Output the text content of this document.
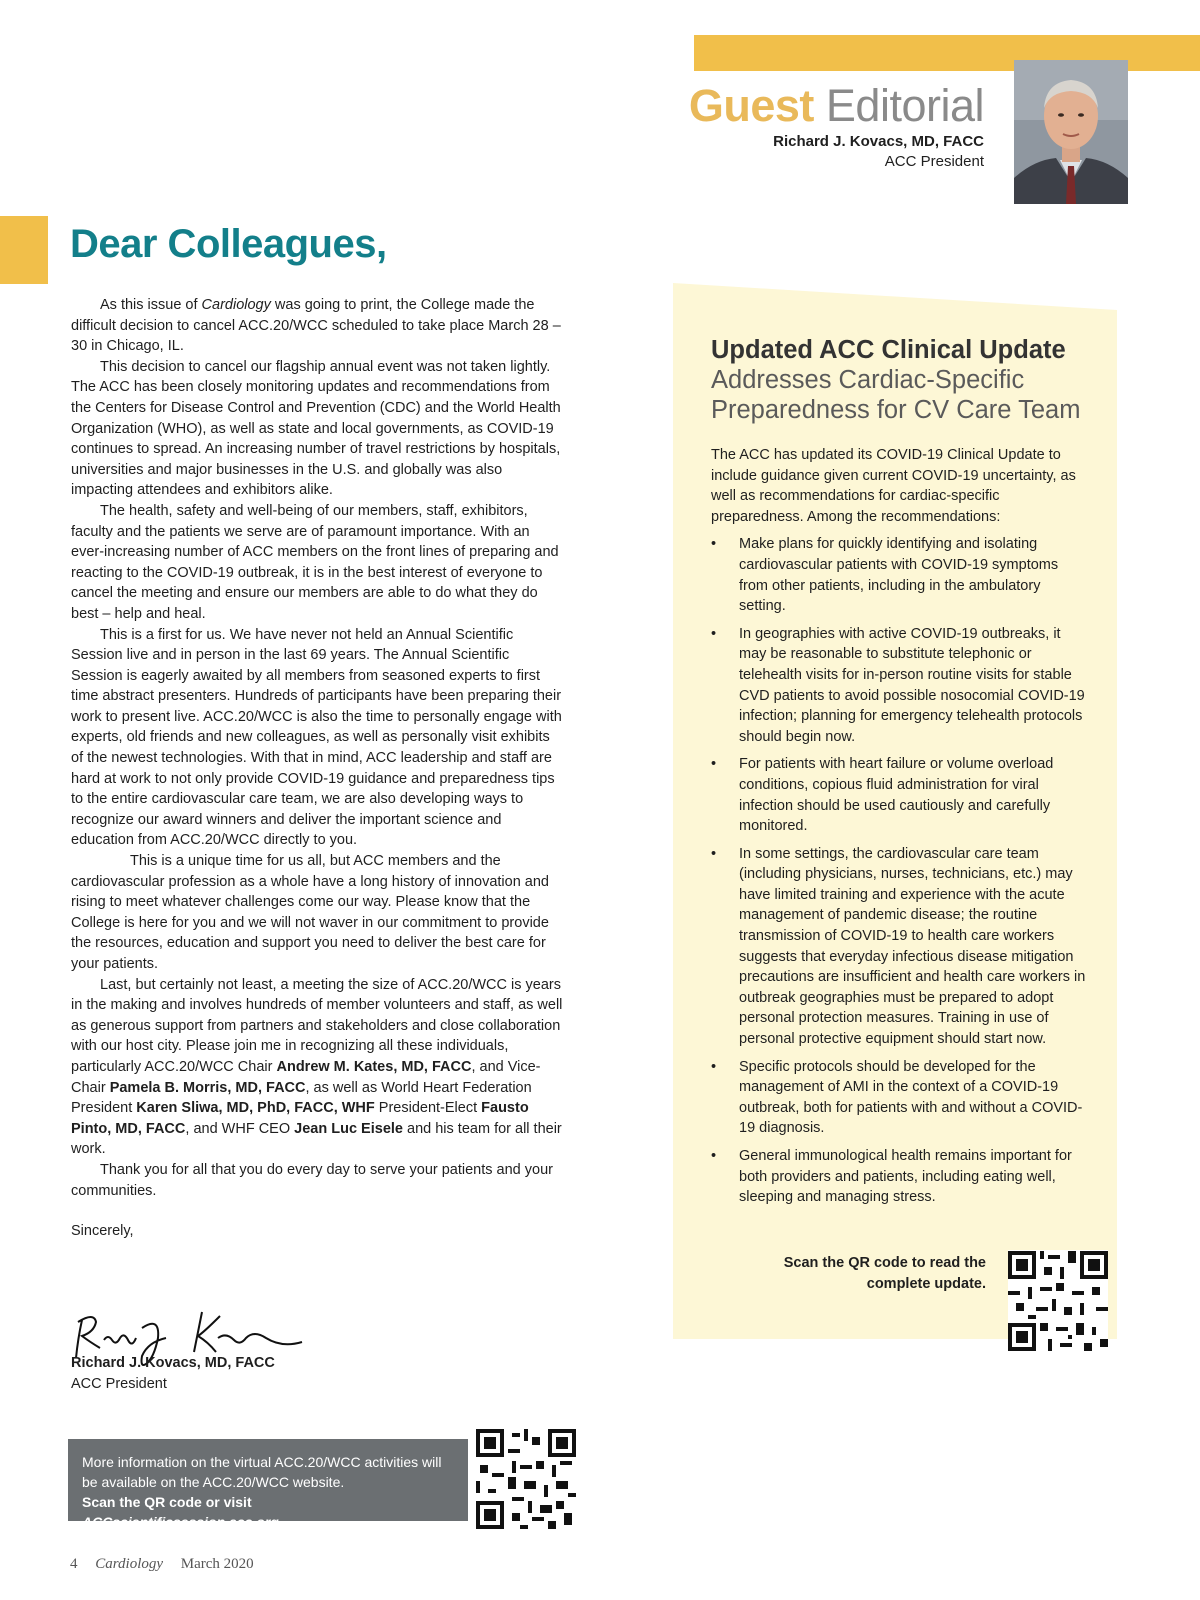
Guest Editorial
Richard J. Kovacs, MD, FACC
ACC President
Dear Colleagues,

As this issue of Cardiology was going to print, the College made the difficult decision to cancel ACC.20/WCC scheduled to take place March 28 – 30 in Chicago, IL.

This decision to cancel our flagship annual event was not taken lightly. The ACC has been closely monitoring updates and recommendations from the Centers for Disease Control and Prevention (CDC) and the World Health Organization (WHO), as well as state and local governments, as COVID-19 continues to spread. An increasing number of travel restrictions by hospitals, universities and major businesses in the U.S. and globally was also impacting attendees and exhibitors alike.

The health, safety and well-being of our members, staff, exhibitors, faculty and the patients we serve are of paramount importance. With an ever-increasing number of ACC members on the front lines of preparing and reacting to the COVID-19 outbreak, it is in the best interest of everyone to cancel the meeting and ensure our members are able to do what they do best – help and heal.

This is a first for us. We have never not held an Annual Scientific Session live and in person in the last 69 years. The Annual Scientific Session is eagerly awaited by all members from seasoned experts to first time abstract presenters. Hundreds of participants have been preparing their work to present live. ACC.20/WCC is also the time to personally engage with experts, old friends and new colleagues, as well as personally visit exhibits of the newest technologies. With that in mind, ACC leadership and staff are hard at work to not only provide COVID-19 guidance and preparedness tips to the entire cardiovascular care team, we are also developing ways to recognize our award winners and deliver the important science and education from ACC.20/WCC directly to you.

This is a unique time for us all, but ACC members and the cardiovascular profession as a whole have a long history of innovation and rising to meet whatever challenges come our way. Please know that the College is here for you and we will not waver in our commitment to provide the resources, education and support you need to deliver the best care for your patients.

Last, but certainly not least, a meeting the size of ACC.20/WCC is years in the making and involves hundreds of member volunteers and staff, as well as generous support from partners and stakeholders and close collaboration with our host city. Please join me in recognizing all these individuals, particularly ACC.20/WCC Chair Andrew M. Kates, MD, FACC, and Vice-Chair Pamela B. Morris, MD, FACC, as well as World Heart Federation President Karen Sliwa, MD, PhD, FACC, WHF President-Elect Fausto Pinto, MD, FACC, and WHF CEO Jean Luc Eisele and his team for all their work.

Thank you for all that you do every day to serve your patients and your communities.

Sincerely,

Richard J. Kovacs, MD, FACC
ACC President
More information on the virtual ACC.20/WCC activities will be available on the ACC.20/WCC website.
Scan the QR code or visit ACCscientificsession.acc.org.
4 Cardiology March 2020
Updated ACC Clinical Update
Addresses Cardiac-Specific Preparedness for CV Care Team

The ACC has updated its COVID-19 Clinical Update to include guidance given current COVID-19 uncertainty, as well as recommendations for cardiac-specific preparedness. Among the recommendations:

• Make plans for quickly identifying and isolating cardiovascular patients with COVID-19 symptoms from other patients, including in the ambulatory setting.
• In geographies with active COVID-19 outbreaks, it may be reasonable to substitute telephonic or telehealth visits for in-person routine visits for stable CVD patients to avoid possible nosocomial COVID-19 infection; planning for emergency telehealth protocols should begin now.
• For patients with heart failure or volume overload conditions, copious fluid administration for viral infection should be used cautiously and carefully monitored.
• In some settings, the cardiovascular care team (including physicians, nurses, technicians, etc.) may have limited training and experience with the acute management of pandemic disease; the routine transmission of COVID-19 to health care workers suggests that everyday infectious disease mitigation precautions are insufficient and health care workers in outbreak geographies must be prepared to adopt personal protection measures. Training in use of personal protective equipment should start now.
• Specific protocols should be developed for the management of AMI in the context of a COVID-19 outbreak, both for patients with and without a COVID-19 diagnosis.
• General immunological health remains important for both providers and patients, including eating well, sleeping and managing stress.
Scan the QR code to read the complete update.
